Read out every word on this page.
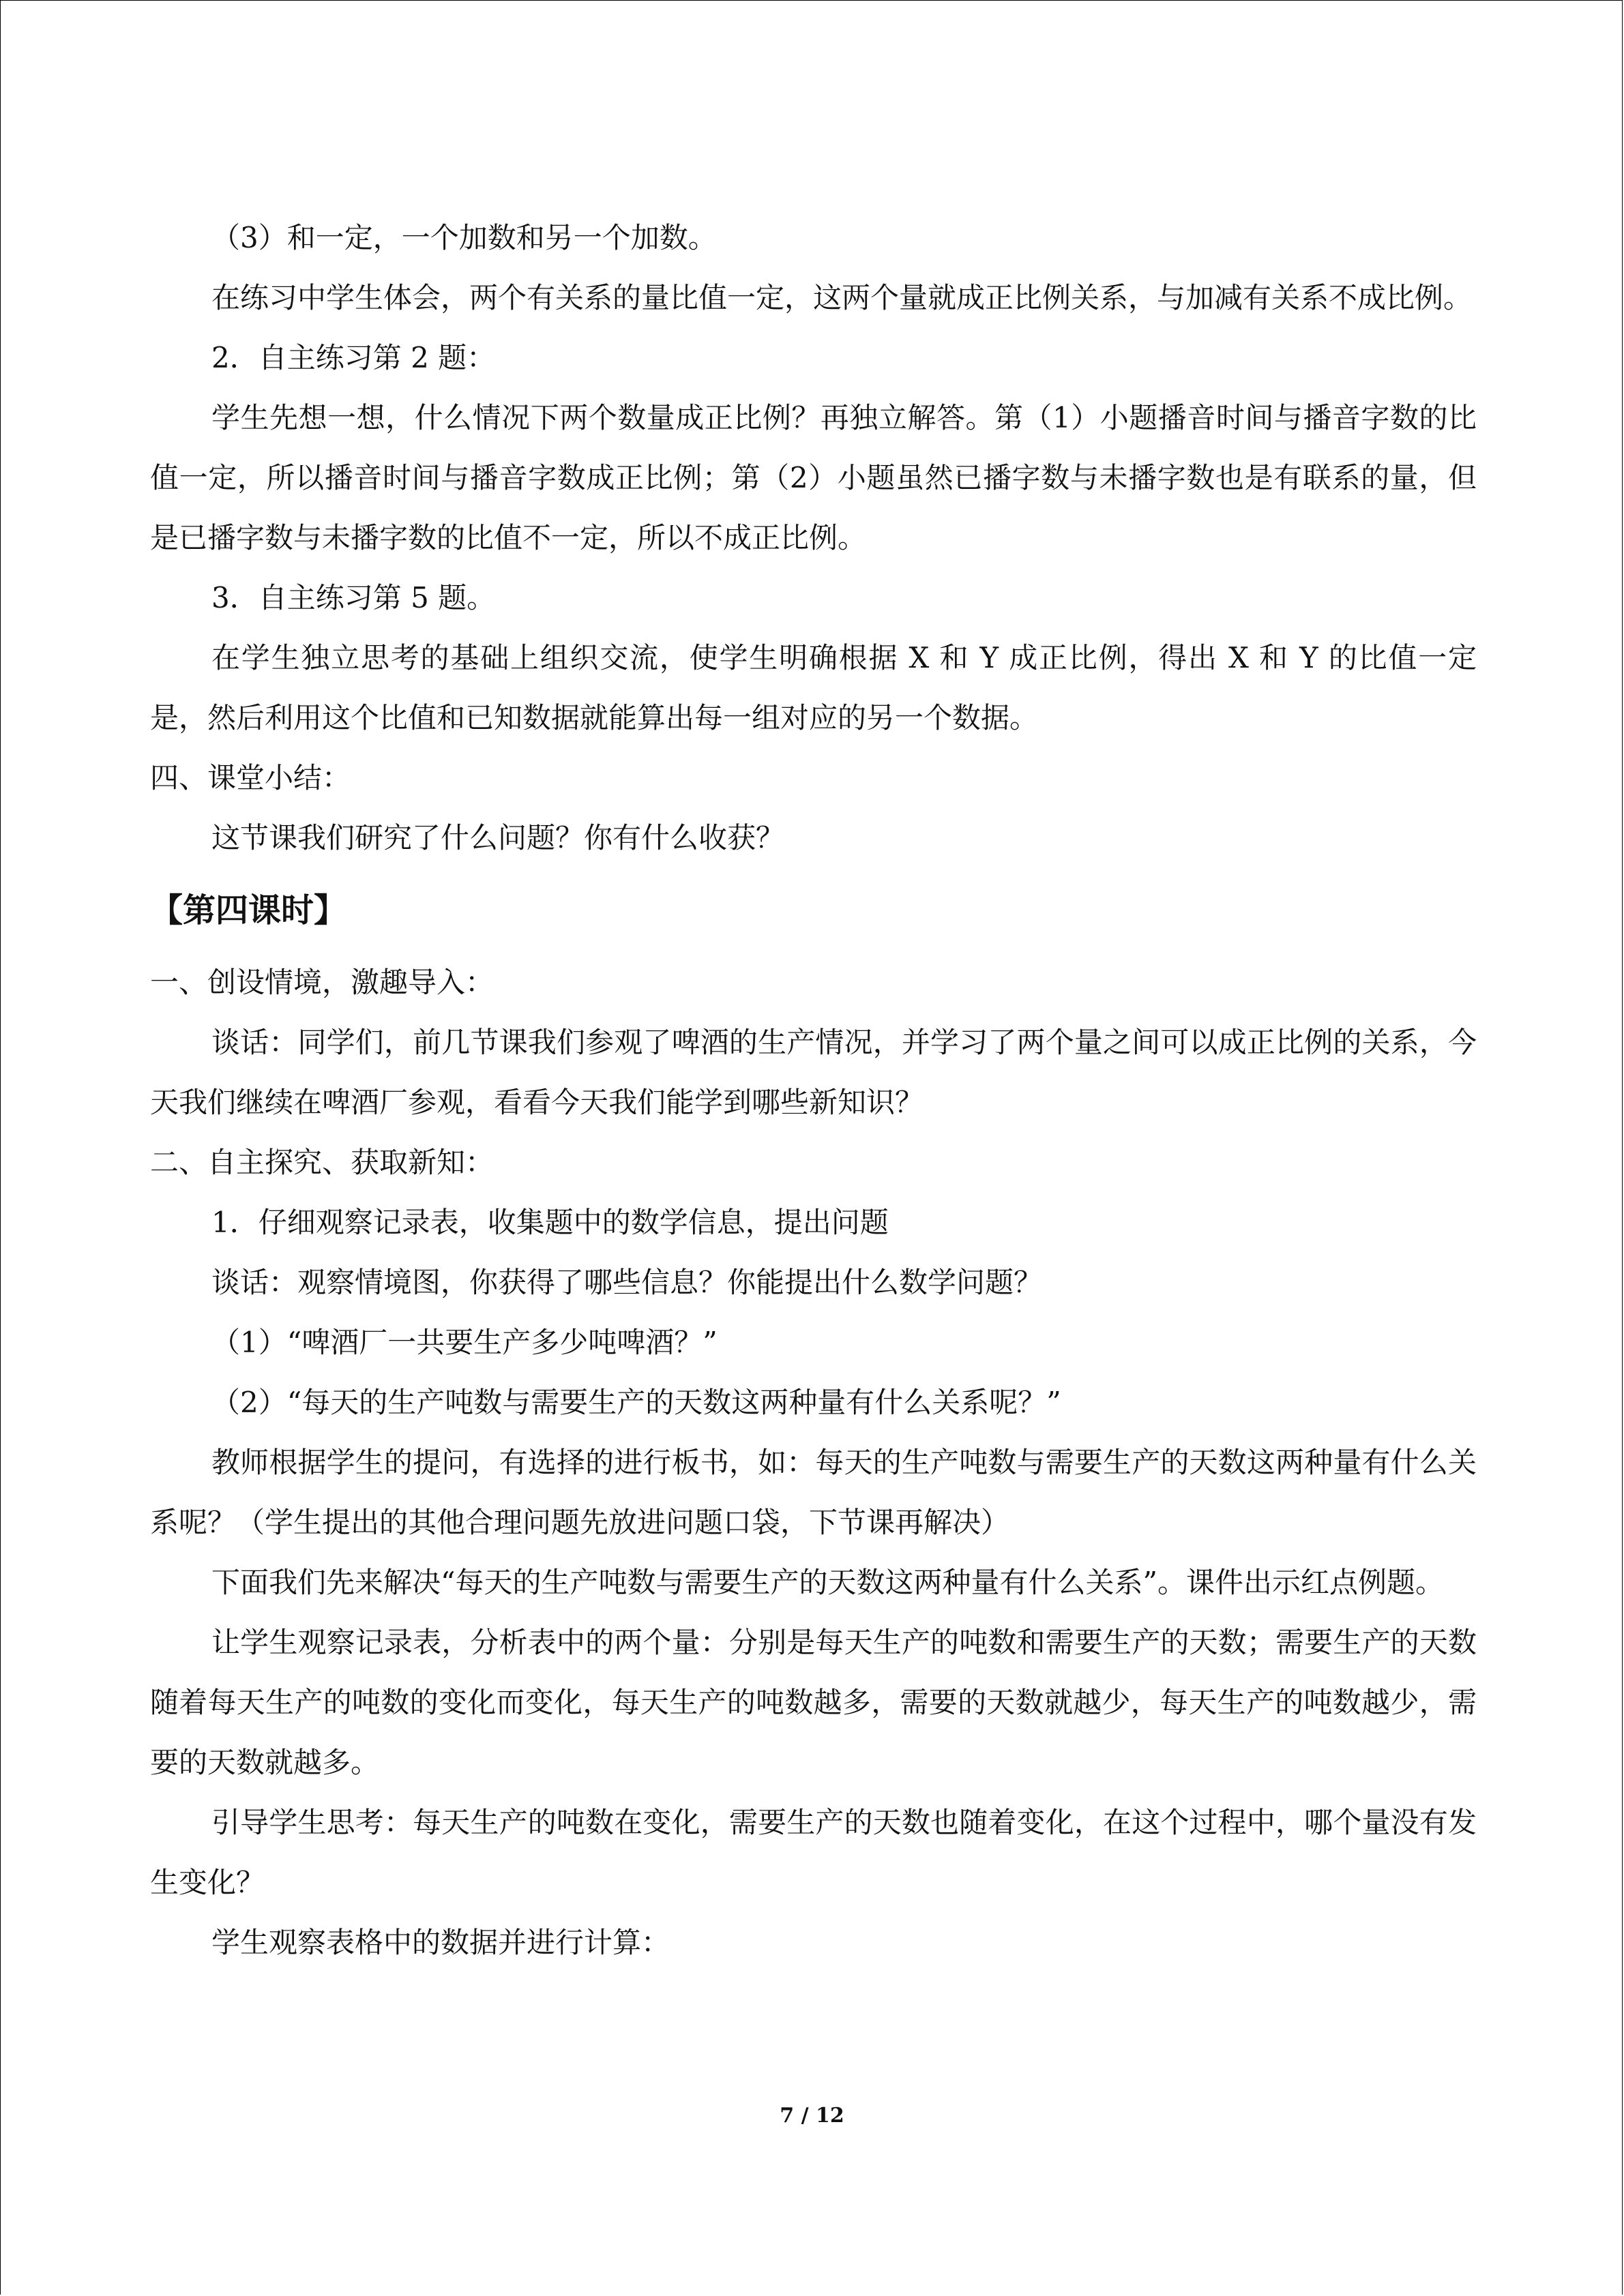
（3）和一定，一个加数和另一个加数。

在练习中学生体会，两个有关系的量比值一定，这两个量就成正比例关系，与加减有关系不成比例。

2．自主练习第 2 题：

学生先想一想，什么情况下两个数量成正比例？再独立解答。第（1）小题播音时间与播音字数的比值一定，所以播音时间与播音字数成正比例；第（2）小题虽然已播字数与未播字数也是有联系的量，但是已播字数与未播字数的比值不一定，所以不成正比例。

3．自主练习第 5 题。

在学生独立思考的基础上组织交流，使学生明确根据 X 和 Y 成正比例，得出 X 和 Y 的比值一定是，然后利用这个比值和已知数据就能算出每一组对应的另一个数据。

四、课堂小结：

这节课我们研究了什么问题？你有什么收获？

【第四课时】

一、创设情境，激趣导入：

谈话：同学们，前几节课我们参观了啤酒的生产情况，并学习了两个量之间可以成正比例的关系，今天我们继续在啤酒厂参观，看看今天我们能学到哪些新知识？

二、自主探究、获取新知：

1．仔细观察记录表，收集题中的数学信息，提出问题

谈话：观察情境图，你获得了哪些信息？你能提出什么数学问题？

（1）“啤酒厂一共要生产多少吨啤酒？”

（2）“每天的生产吨数与需要生产的天数这两种量有什么关系呢？”

教师根据学生的提问，有选择的进行板书，如：每天的生产吨数与需要生产的天数这两种量有什么关系呢？（学生提出的其他合理问题先放进问题口袋，下节课再解决）

下面我们先来解决“每天的生产吨数与需要生产的天数这两种量有什么关系”。课件出示红点例题。

让学生观察记录表，分析表中的两个量：分别是每天生产的吨数和需要生产的天数；需要生产的天数随着每天生产的吨数的变化而变化，每天生产的吨数越多，需要的天数就越少，每天生产的吨数越少，需要的天数就越多。

引导学生思考：每天生产的吨数在变化，需要生产的天数也随着变化，在这个过程中，哪个量没有发生变化？

学生观察表格中的数据并进行计算：

7 / 12
